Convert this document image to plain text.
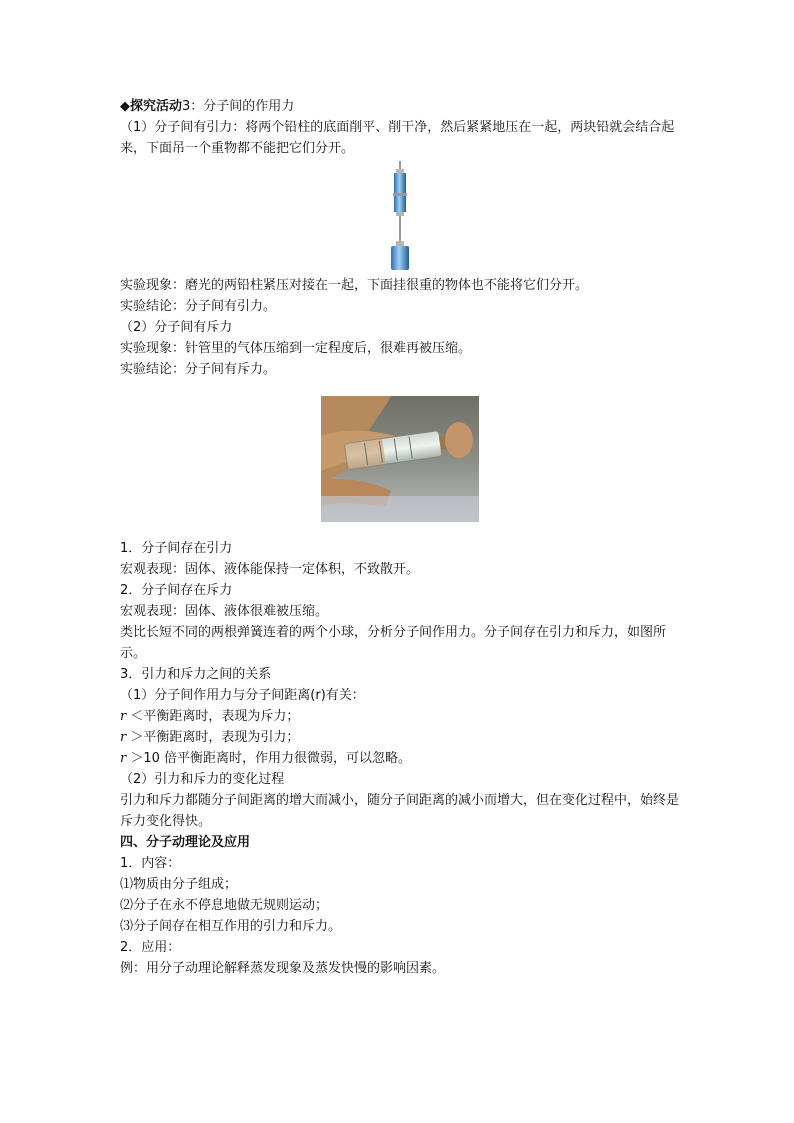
◆探究活动3：分子间的作用力
（1）分子间有引力：将两个铅柱的底面削平、削干净，然后紧紧地压在一起，两块铅就会结合起来，下面吊一个重物都不能把它们分开。
实验现象：磨光的两铅柱紧压对接在一起，下面挂很重的物体也不能将它们分开。
实验结论：分子间有引力。
（2）分子间有斥力
实验现象：针管里的气体压缩到一定程度后，很难再被压缩。
实验结论：分子间有斥力。
1．分子间存在引力
宏观表现：固体、液体能保持一定体积，不致散开。
2．分子间存在斥力
宏观表现：固体、液体很难被压缩。
类比长短不同的两根弹簧连着的两个小球，分析分子间作用力。分子间存在引力和斥力，如图所示。
3．引力和斥力之间的关系
（1）分子间作用力与分子间距离(r)有关：
r ＜平衡距离时，表现为斥力；
r ＞平衡距离时，表现为引力；
r ＞10 倍平衡距离时，作用力很微弱，可以忽略。
（2）引力和斥力的变化过程
引力和斥力都随分子间距离的增大而减小，随分子间距离的减小而增大，但在变化过程中，始终是斥力变化得快。
四、分子动理论及应用
1．内容：
⑴物质由分子组成；
⑵分子在永不停息地做无规则运动；
⑶分子间存在相互作用的引力和斥力。
2．应用：
例：用分子动理论解释蒸发现象及蒸发快慢的影响因素。
